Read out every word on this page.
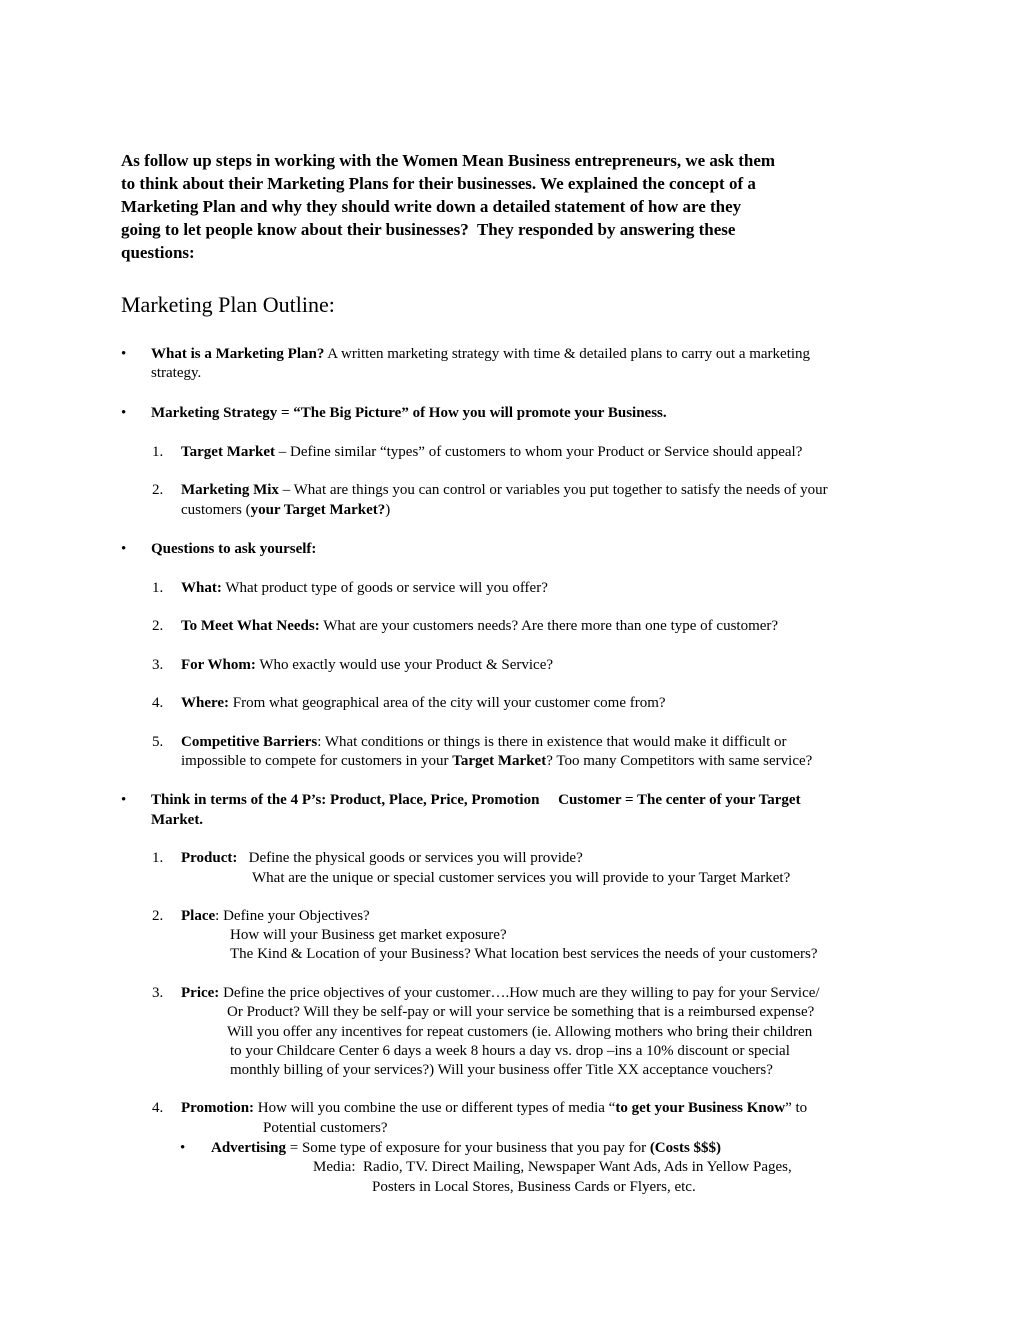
As follow up steps in working with the Women Mean Business entrepreneurs, we ask them
to think about their Marketing Plans for their businesses. We explained the concept of a
Marketing Plan and why they should write down a detailed statement of how are they
going to let people know about their businesses?  They responded by answering these
questions:
Marketing Plan Outline:
• What is a Marketing Plan? A written marketing strategy with time & detailed plans to carry out a marketing
strategy.
• Marketing Strategy = “The Big Picture” of How you will promote your Business.
1. Target Market – Define similar “types” of customers to whom your Product or Service should appeal?
2. Marketing Mix – What are things you can control or variables you put together to satisfy the needs of your
customers (your Target Market?)
• Questions to ask yourself:
1. What: What product type of goods or service will you offer?
2. To Meet What Needs: What are your customers needs? Are there more than one type of customer?
3. For Whom: Who exactly would use your Product & Service?
4. Where: From what geographical area of the city will your customer come from?
5. Competitive Barriers: What conditions or things is there in existence that would make it difficult or
impossible to compete for customers in your Target Market? Too many Competitors with same service?
• Think in terms of the 4 P’s: Product, Place, Price, Promotion     Customer = The center of your Target
Market.
1. Product:   Define the physical goods or services you will provide?
What are the unique or special customer services you will provide to your Target Market?
2. Place: Define your Objectives?
How will your Business get market exposure?
The Kind & Location of your Business? What location best services the needs of your customers?
3. Price: Define the price objectives of your customer….How much are they willing to pay for your Service/
Or Product? Will they be self-pay or will your service be something that is a reimbursed expense?
Will you offer any incentives for repeat customers (ie. Allowing mothers who bring their children
to your Childcare Center 6 days a week 8 hours a day vs. drop –ins a 10% discount or special
monthly billing of your services?) Will your business offer Title XX acceptance vouchers?
4. Promotion: How will you combine the use or different types of media “to get your Business Know” to
Potential customers?
• Advertising = Some type of exposure for your business that you pay for (Costs $$$)
Media:  Radio, TV. Direct Mailing, Newspaper Want Ads, Ads in Yellow Pages,
Posters in Local Stores, Business Cards or Flyers, etc.
